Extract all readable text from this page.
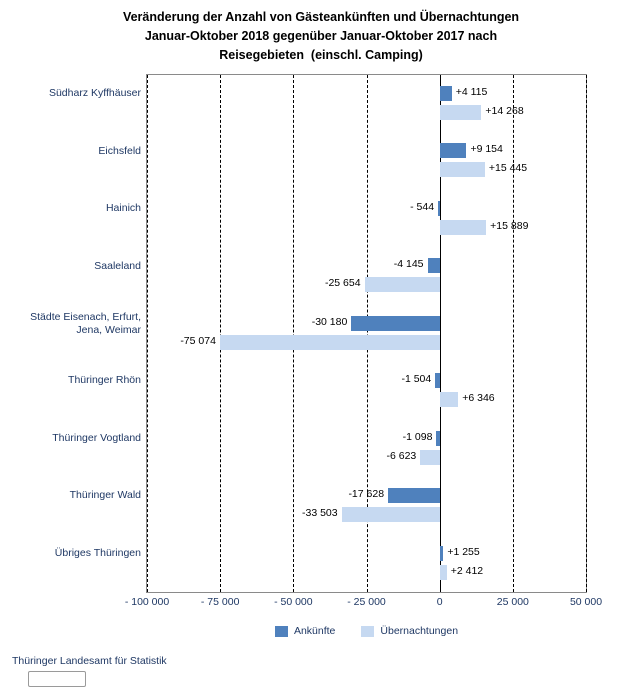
Veränderung der Anzahl von Gästeankünften und Übernachtungen
Januar-Oktober 2018 gegenüber Januar-Oktober 2017 nach
Reisegebieten  (einschl. Camping)
Südharz Kyffhäuser
Eichsfeld
Hainich
Saaleland
Städte Eisenach, Erfurt,
Jena, Weimar
Thüringer Rhön
Thüringer Vogtland
Thüringer Wald
Übriges Thüringen
+4 115
+14 268
+9 154
+15 445
- 544
+15 889
-4 145
-25 654
-30 180
-75 074
-1 504
+6 346
-1 098
-6 623
-17 628
-33 503
+1 255
+2 412
- 100 000	- 75 000	- 50 000	- 25 000	0	25 000	50 000
Ankünfte	Übernachtungen
Thüringer Landesamt für Statistik
